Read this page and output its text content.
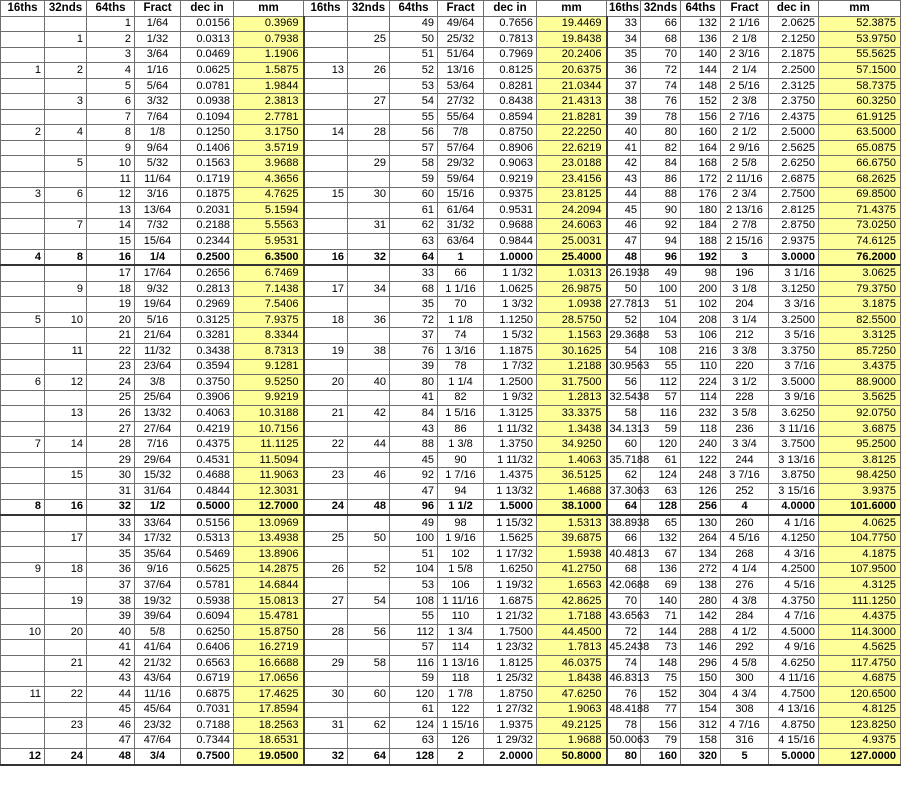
16ths	32nds	64ths	Fract	dec in	mm	16ths	32nds	64ths	Fract	dec in	mm	16ths	32nds	64ths	Fract	dec in	mm	
		1	1/64	0.0156	0.3969			49	49/64	0.7656	19.4469	33	66	132	2 1/16	2.0625	52.3875	
	1	2	1/32	0.0313	0.7938		25	50	25/32	0.7813	19.8438	34	68	136	2 1/8	2.1250	53.9750	
		3	3/64	0.0469	1.1906			51	51/64	0.7969	20.2406	35	70	140	2 3/16	2.1875	55.5625	
1	2	4	1/16	0.0625	1.5875	13	26	52	13/16	0.8125	20.6375	36	72	144	2 1/4	2.2500	57.1500	
		5	5/64	0.0781	1.9844			53	53/64	0.8281	21.0344	37	74	148	2 5/16	2.3125	58.7375	
	3	6	3/32	0.0938	2.3813		27	54	27/32	0.8438	21.4313	38	76	152	2 3/8	2.3750	60.3250	
		7	7/64	0.1094	2.7781			55	55/64	0.8594	21.8281	39	78	156	2 7/16	2.4375	61.9125	
2	4	8	1/8	0.1250	3.1750	14	28	56	7/8	0.8750	22.2250	40	80	160	2 1/2	2.5000	63.5000	
		9	9/64	0.1406	3.5719			57	57/64	0.8906	22.6219	41	82	164	2 9/16	2.5625	65.0875	
	5	10	5/32	0.1563	3.9688		29	58	29/32	0.9063	23.0188	42	84	168	2 5/8	2.6250	66.6750	
		11	11/64	0.1719	4.3656			59	59/64	0.9219	23.4156	43	86	172	2 11/16	2.6875	68.2625	
3	6	12	3/16	0.1875	4.7625	15	30	60	15/16	0.9375	23.8125	44	88	176	2 3/4	2.7500	69.8500	
		13	13/64	0.2031	5.1594			61	61/64	0.9531	24.2094	45	90	180	2 13/16	2.8125	71.4375	
	7	14	7/32	0.2188	5.5563		31	62	31/32	0.9688	24.6063	46	92	184	2 7/8	2.8750	73.0250	
		15	15/64	0.2344	5.9531			63	63/64	0.9844	25.0031	47	94	188	2 15/16	2.9375	74.6125	
4	8	16	1/4	0.2500	6.3500	16	32	64	1	1.0000	25.4000	48	96	192	3	3.0000	76.2000	
		17	17/64	0.2656	6.7469			33	66	1 1/32	1.0313	26.1938	49	98	196	3 1/16	3.0625	
	9	18	9/32	0.2813	7.1438	17	34	68	1 1/16	1.0625	26.9875	50	100	200	3 1/8	3.1250	79.3750	
		19	19/64	0.2969	7.5406			35	70	1 3/32	1.0938	27.7813	51	102	204	3 3/16	3.1875	
5	10	20	5/16	0.3125	7.9375	18	36	72	1 1/8	1.1250	28.5750	52	104	208	3 1/4	3.2500	82.5500	
		21	21/64	0.3281	8.3344			37	74	1 5/32	1.1563	29.3688	53	106	212	3 5/16	3.3125	
	11	22	11/32	0.3438	8.7313	19	38	76	1 3/16	1.1875	30.1625	54	108	216	3 3/8	3.3750	85.7250	
		23	23/64	0.3594	9.1281			39	78	1 7/32	1.2188	30.9563	55	110	220	3 7/16	3.4375	
6	12	24	3/8	0.3750	9.5250	20	40	80	1 1/4	1.2500	31.7500	56	112	224	3 1/2	3.5000	88.9000	
		25	25/64	0.3906	9.9219			41	82	1 9/32	1.2813	32.5438	57	114	228	3 9/16	3.5625	
	13	26	13/32	0.4063	10.3188	21	42	84	1 5/16	1.3125	33.3375	58	116	232	3 5/8	3.6250	92.0750	
		27	27/64	0.4219	10.7156			43	86	1 11/32	1.3438	34.1313	59	118	236	3 11/16	3.6875	
7	14	28	7/16	0.4375	11.1125	22	44	88	1 3/8	1.3750	34.9250	60	120	240	3 3/4	3.7500	95.2500	
		29	29/64	0.4531	11.5094			45	90	1 11/32	1.4063	35.7188	61	122	244	3 13/16	3.8125	
	15	30	15/32	0.4688	11.9063	23	46	92	1 7/16	1.4375	36.5125	62	124	248	3 7/16	3.8750	98.4250	
		31	31/64	0.4844	12.3031			47	94	1 13/32	1.4688	37.3063	63	126	252	3 15/16	3.9375	
8	16	32	1/2	0.5000	12.7000	24	48	96	1 1/2	1.5000	38.1000	64	128	256	4	4.0000	101.6000	
		33	33/64	0.5156	13.0969			49	98	1 15/32	1.5313	38.8938	65	130	260	4 1/16	4.0625	
	17	34	17/32	0.5313	13.4938	25	50	100	1 9/16	1.5625	39.6875	66	132	264	4 5/16	4.1250	104.7750	
		35	35/64	0.5469	13.8906			51	102	1 17/32	1.5938	40.4813	67	134	268	4 3/16	4.1875	
9	18	36	9/16	0.5625	14.2875	26	52	104	1 5/8	1.6250	41.2750	68	136	272	4 1/4	4.2500	107.9500	
		37	37/64	0.5781	14.6844			53	106	1 19/32	1.6563	42.0688	69	138	276	4 5/16	4.3125	
	19	38	19/32	0.5938	15.0813	27	54	108	1 11/16	1.6875	42.8625	70	140	280	4 3/8	4.3750	111.1250	
		39	39/64	0.6094	15.4781			55	110	1 21/32	1.7188	43.6563	71	142	284	4 7/16	4.4375	
10	20	40	5/8	0.6250	15.8750	28	56	112	1 3/4	1.7500	44.4500	72	144	288	4 1/2	4.5000	114.3000	
		41	41/64	0.6406	16.2719			57	114	1 23/32	1.7813	45.2438	73	146	292	4 9/16	4.5625	
	21	42	21/32	0.6563	16.6688	29	58	116	1 13/16	1.8125	46.0375	74	148	296	4 5/8	4.6250	117.4750	
		43	43/64	0.6719	17.0656			59	118	1 25/32	1.8438	46.8313	75	150	300	4 11/16	4.6875	
11	22	44	11/16	0.6875	17.4625	30	60	120	1 7/8	1.8750	47.6250	76	152	304	4 3/4	4.7500	120.6500	
		45	45/64	0.7031	17.8594			61	122	1 27/32	1.9063	48.4188	77	154	308	4 13/16	4.8125	
	23	46	23/32	0.7188	18.2563	31	62	124	1 15/16	1.9375	49.2125	78	156	312	4 7/16	4.8750	123.8250	
		47	47/64	0.7344	18.6531			63	126	1 29/32	1.9688	50.0063	79	158	316	4 15/16	4.9375	
12	24	48	3/4	0.7500	19.0500	32	64	128	2	2.0000	50.8000	80	160	320	5	5.0000	127.0000	
